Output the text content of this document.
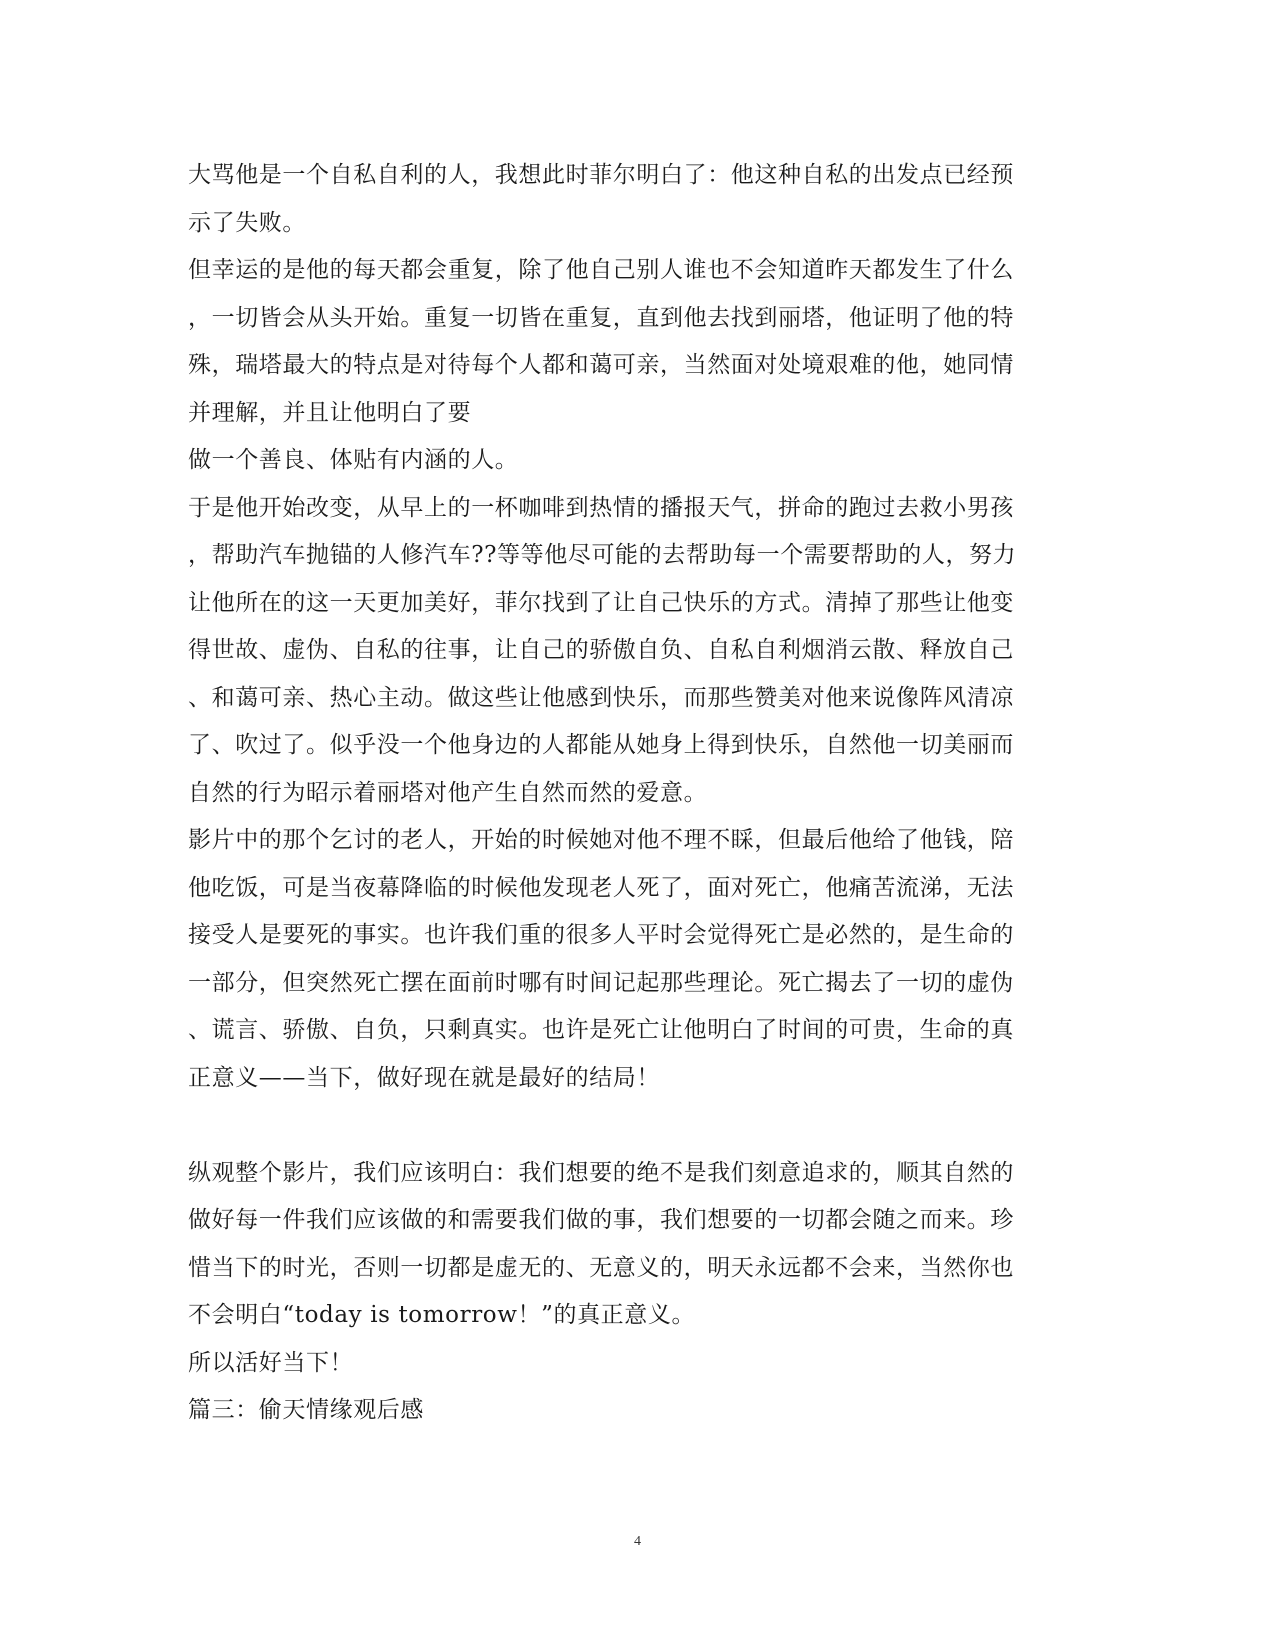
大骂他是一个自私自利的人，我想此时菲尔明白了：他这种自私的出发点已经预
示了失败。
但幸运的是他的每天都会重复，除了他自己别人谁也不会知道昨天都发生了什么
，一切皆会从头开始。重复一切皆在重复，直到他去找到丽塔，他证明了他的特
殊，瑞塔最大的特点是对待每个人都和蔼可亲，当然面对处境艰难的他，她同情
并理解，并且让他明白了要
做一个善良、体贴有内涵的人。
于是他开始改变，从早上的一杯咖啡到热情的播报天气，拼命的跑过去救小男孩
，帮助汽车抛锚的人修汽车??等等他尽可能的去帮助每一个需要帮助的人，努力
让他所在的这一天更加美好，菲尔找到了让自己快乐的方式。清掉了那些让他变
得世故、虚伪、自私的往事，让自己的骄傲自负、自私自利烟消云散、释放自己
、和蔼可亲、热心主动。做这些让他感到快乐，而那些赞美对他来说像阵风清凉
了、吹过了。似乎没一个他身边的人都能从她身上得到快乐，自然他一切美丽而
自然的行为昭示着丽塔对他产生自然而然的爱意。
影片中的那个乞讨的老人，开始的时候她对他不理不睬，但最后他给了他钱，陪
他吃饭，可是当夜幕降临的时候他发现老人死了，面对死亡，他痛苦流涕，无法
接受人是要死的事实。也许我们重的很多人平时会觉得死亡是必然的，是生命的
一部分，但突然死亡摆在面前时哪有时间记起那些理论。死亡揭去了一切的虚伪
、谎言、骄傲、自负，只剩真实。也许是死亡让他明白了时间的可贵，生命的真
正意义——当下，做好现在就是最好的结局！
纵观整个影片，我们应该明白：我们想要的绝不是我们刻意追求的，顺其自然的
做好每一件我们应该做的和需要我们做的事，我们想要的一切都会随之而来。珍
惜当下的时光，否则一切都是虚无的、无意义的，明天永远都不会来，当然你也
不会明白“today is tomorrow！”的真正意义。
所以活好当下！
篇三：偷天情缘观后感
4
